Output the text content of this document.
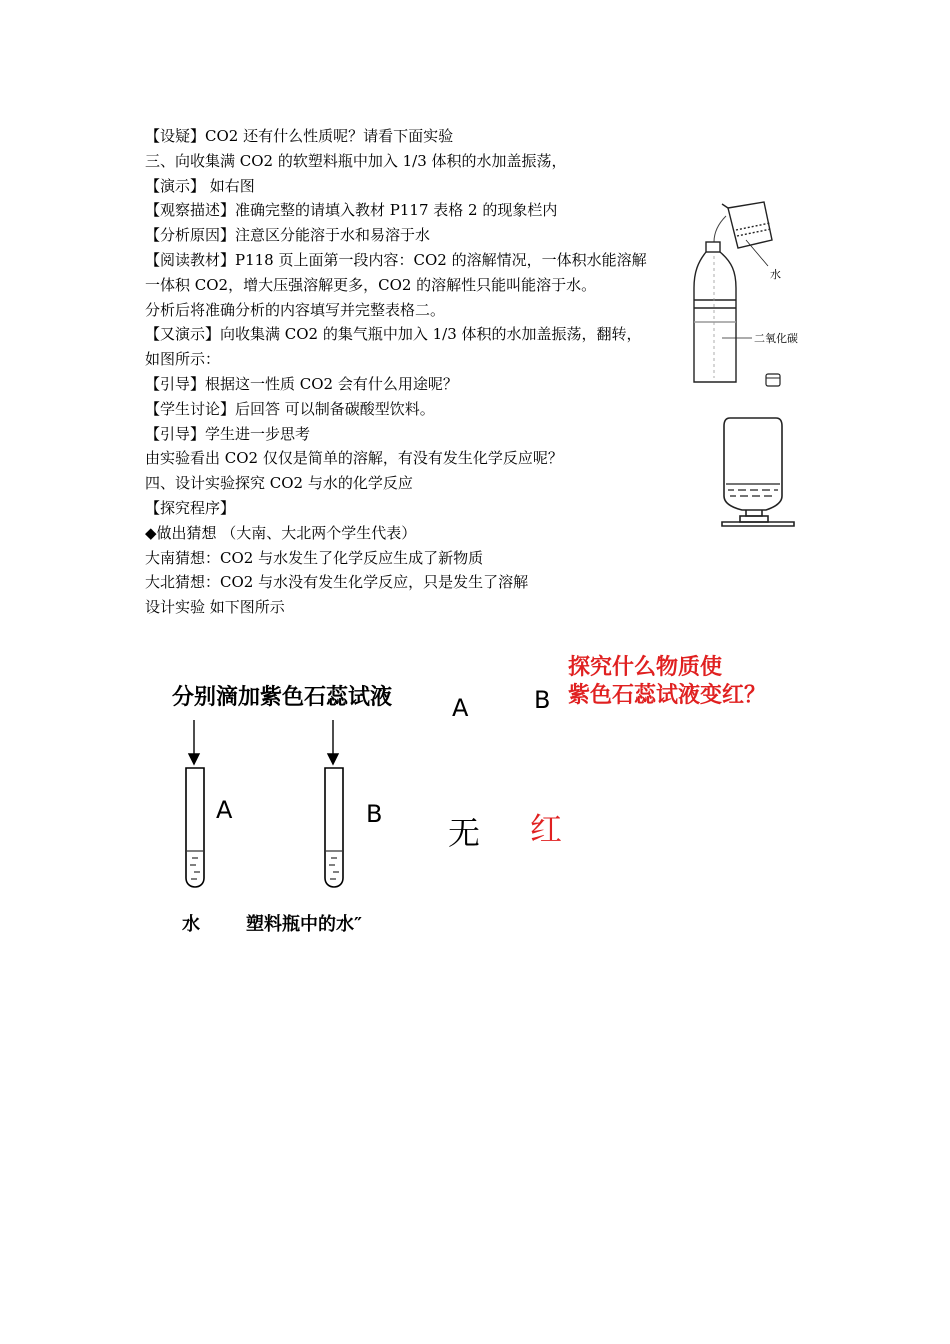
【设疑】CO2 还有什么性质呢？请看下面实验

三、向收集满 CO2 的软塑料瓶中加入 1/3 体积的水加盖振荡，

【演示】 如右图

【观察描述】准确完整的请填入教材 P117 表格 2 的现象栏内

【分析原因】注意区分能溶于水和易溶于水

【阅读教材】P118 页上面第一段内容：CO2 的溶解情况，一体积水能溶解一体积 CO2，增大压强溶解更多，CO2 的溶解性只能叫能溶于水。

分析后将准确分析的内容填写并完整表格二。

【又演示】向收集满 CO2 的集气瓶中加入 1/3 体积的水加盖振荡，翻转，如图所示：

【引导】根据这一性质 CO2 会有什么用途呢？

【学生讨论】后回答 可以制备碳酸型饮料。

【引导】学生进一步思考

由实验看出 CO2 仅仅是简单的溶解，有没有发生化学反应呢？

四、设计实验探究 CO2 与水的化学反应

【探究程序】

◆做出猜想 （大南、大北两个学生代表）

大南猜想：CO2 与水发生了化学反应生成了新物质

大北猜想：CO2 与水没有发生化学反应，只是发生了溶解

设计实验 如下图所示

水
二氧化碳
分别滴加紫色石蕊试液
A	B
水	塑料瓶中的水″
A	B
探究什么物质使
紫色石蕊试液变红？
无 红
